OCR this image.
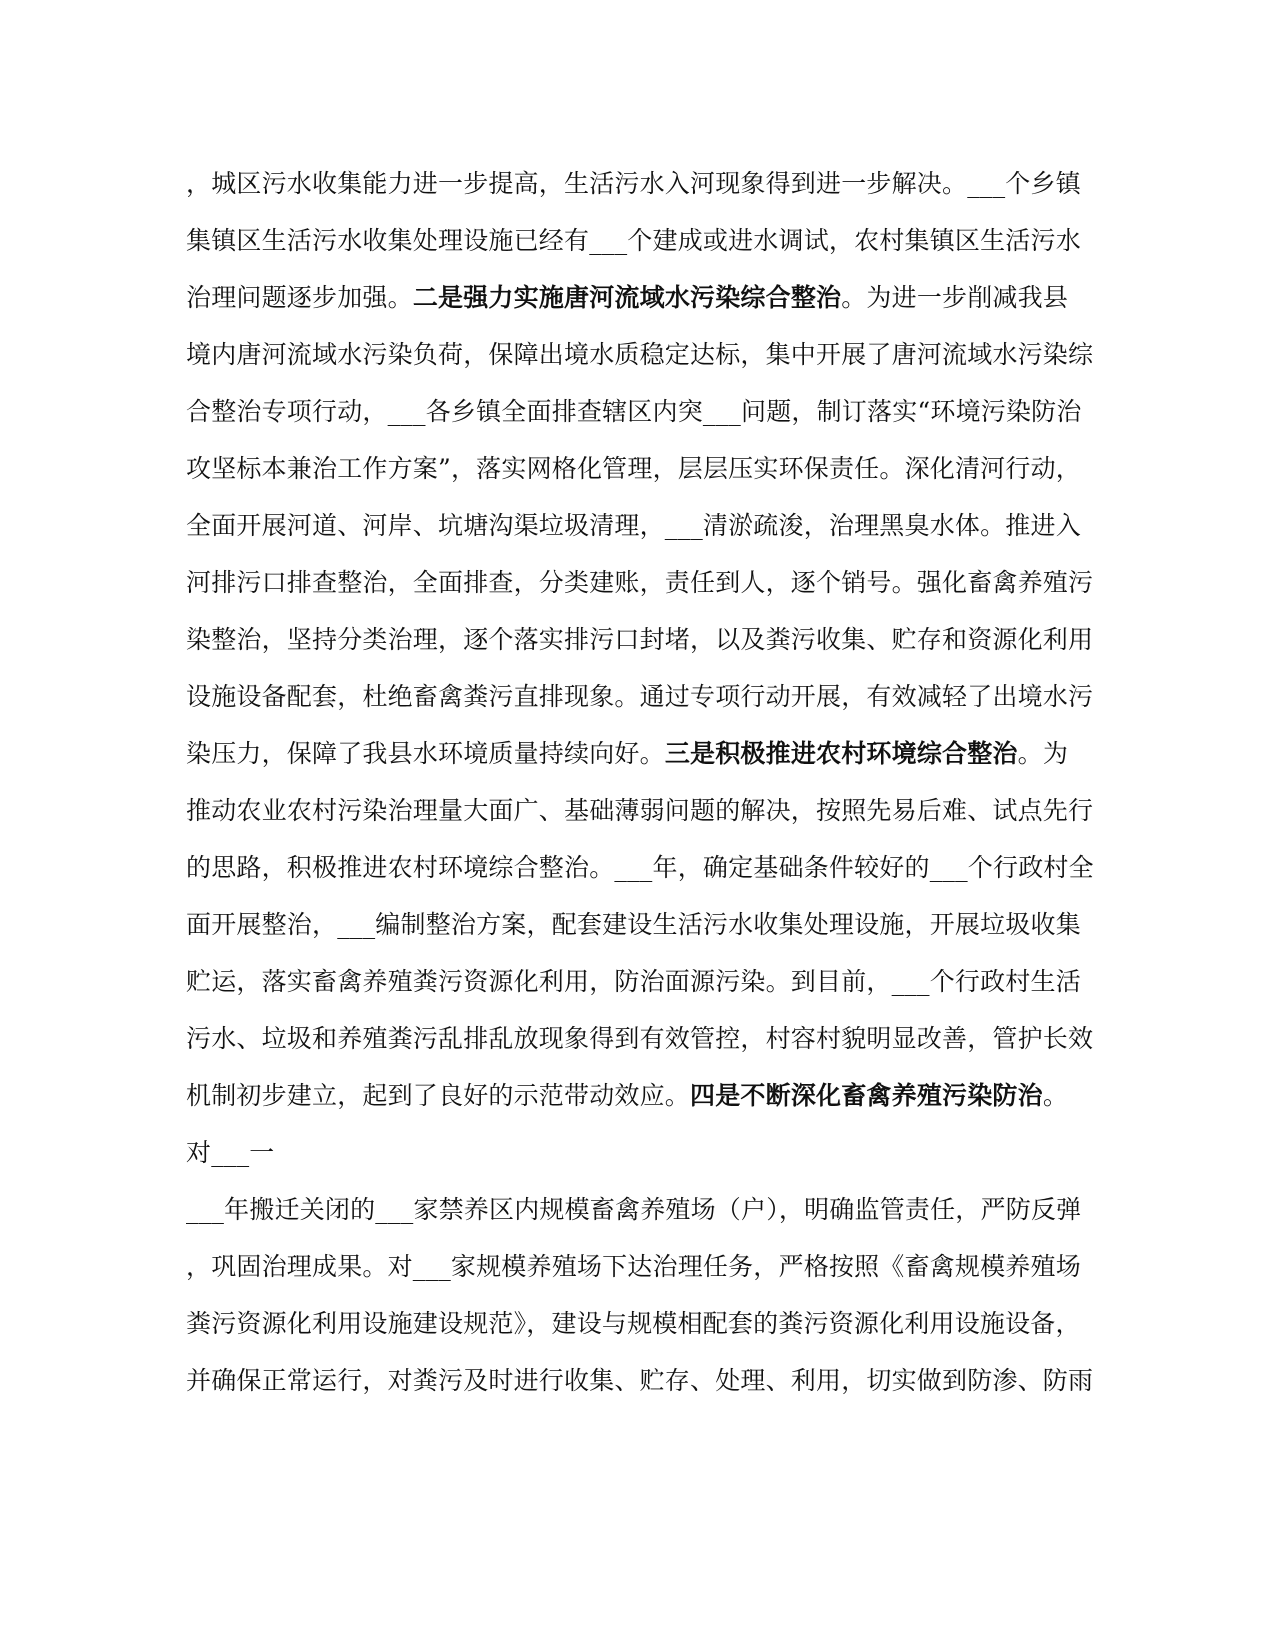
，城区污水收集能力进一步提高，生活污水入河现象得到进一步解决。___个乡镇
集镇区生活污水收集处理设施已经有___个建成或进水调试，农村集镇区生活污水
治理问题逐步加强。二是强力实施唐河流域水污染综合整治。为进一步削减我县
境内唐河流域水污染负荷，保障出境水质稳定达标，集中开展了唐河流域水污染综
合整治专项行动，___各乡镇全面排查辖区内突___问题，制订落实“环境污染防治
攻坚标本兼治工作方案”，落实网格化管理，层层压实环保责任。深化清河行动，
全面开展河道、河岸、坑塘沟渠垃圾清理，___清淤疏浚，治理黑臭水体。推进入
河排污口排查整治，全面排查，分类建账，责任到人，逐个销号。强化畜禽养殖污
染整治，坚持分类治理，逐个落实排污口封堵，以及粪污收集、贮存和资源化利用
设施设备配套，杜绝畜禽粪污直排现象。通过专项行动开展，有效减轻了出境水污
染压力，保障了我县水环境质量持续向好。三是积极推进农村环境综合整治。为
推动农业农村污染治理量大面广、基础薄弱问题的解决，按照先易后难、试点先行
的思路，积极推进农村环境综合整治。___年，确定基础条件较好的___个行政村全
面开展整治，___编制整治方案，配套建设生活污水收集处理设施，开展垃圾收集
贮运，落实畜禽养殖粪污资源化利用，防治面源污染。到目前，___个行政村生活
污水、垃圾和养殖粪污乱排乱放现象得到有效管控，村容村貌明显改善，管护长效
机制初步建立，起到了良好的示范带动效应。四是不断深化畜禽养殖污染防治。
对___一
___年搬迁关闭的___家禁养区内规模畜禽养殖场（户），明确监管责任，严防反弹
，巩固治理成果。对___家规模养殖场下达治理任务，严格按照《畜禽规模养殖场
粪污资源化利用设施建设规范》，建设与规模相配套的粪污资源化利用设施设备，
并确保正常运行，对粪污及时进行收集、贮存、处理、利用，切实做到防渗、防雨
